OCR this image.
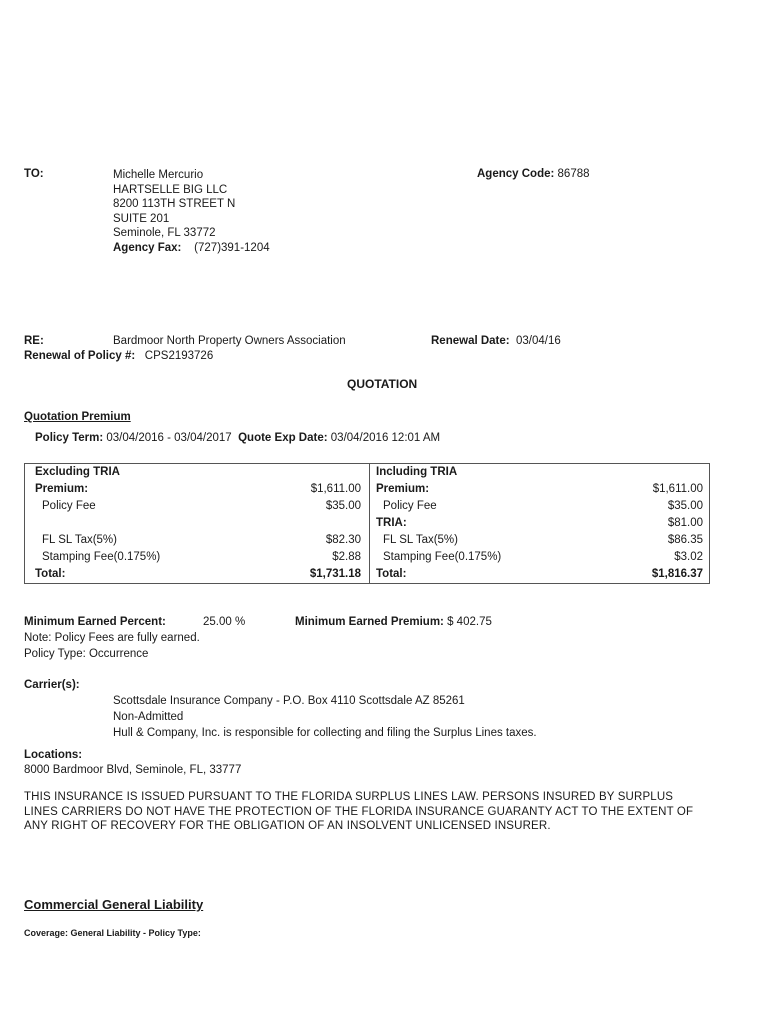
TO:	Michelle Mercurio
HARTSELLE BIG LLC
8200 113TH STREET N
SUITE 201
Seminole, FL 33772
Agency Fax: (727)391-1204
Agency Code: 86788
RE:	Bardmoor North Property Owners Association	Renewal Date: 03/04/16
Renewal of Policy #: CPS2193726
QUOTATION
Quotation Premium
Policy Term: 03/04/2016 - 03/04/2017 Quote Exp Date: 03/04/2016 12:01 AM
Excluding TRIA
Premium:	$1,611.00
Policy Fee	$35.00
FL SL Tax(5%)	$82.30
Stamping Fee(0.175%)	$2.88
Total:	$1,731.18
Including TRIA
Premium:	$1,611.00
Policy Fee	$35.00
TRIA:	$81.00
FL SL Tax(5%)	$86.35
Stamping Fee(0.175%)	$3.02
Total:	$1,816.37
Minimum Earned Percent:	25.00 %	Minimum Earned Premium: $ 402.75
Note: Policy Fees are fully earned.
Policy Type: Occurrence
Carrier(s):
Scottsdale Insurance Company - P.O. Box 4110 Scottsdale AZ 85261
Non-Admitted
Hull & Company, Inc. is responsible for collecting and filing the Surplus Lines taxes.
Locations:
8000 Bardmoor Blvd, Seminole, FL, 33777
THIS INSURANCE IS ISSUED PURSUANT TO THE FLORIDA SURPLUS LINES LAW. PERSONS INSURED BY SURPLUS
LINES CARRIERS DO NOT HAVE THE PROTECTION OF THE FLORIDA INSURANCE GUARANTY ACT TO THE EXTENT OF
ANY RIGHT OF RECOVERY FOR THE OBLIGATION OF AN INSOLVENT UNLICENSED INSURER.
Commercial General Liability
Coverage: General Liability - Policy Type:
